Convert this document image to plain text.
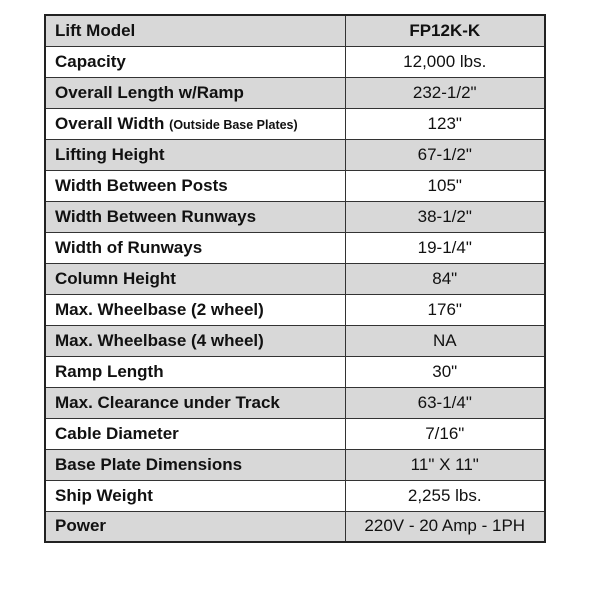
Lift Model	FP12K-K
Capacity	12,000 lbs.
Overall Length w/Ramp	232-1/2"
Overall Width (Outside Base Plates)	123"
Lifting Height	67-1/2"
Width Between Posts	105"
Width Between Runways	38-1/2"
Width of Runways	19-1/4"
Column Height	84"
Max. Wheelbase (2 wheel)	176"
Max. Wheelbase (4 wheel)	NA
Ramp Length	30"
Max. Clearance under Track	63-1/4"
Cable Diameter	7/16"
Base Plate Dimensions	11" X 11"
Ship Weight	2,255 lbs.
Power	220V - 20 Amp - 1PH
